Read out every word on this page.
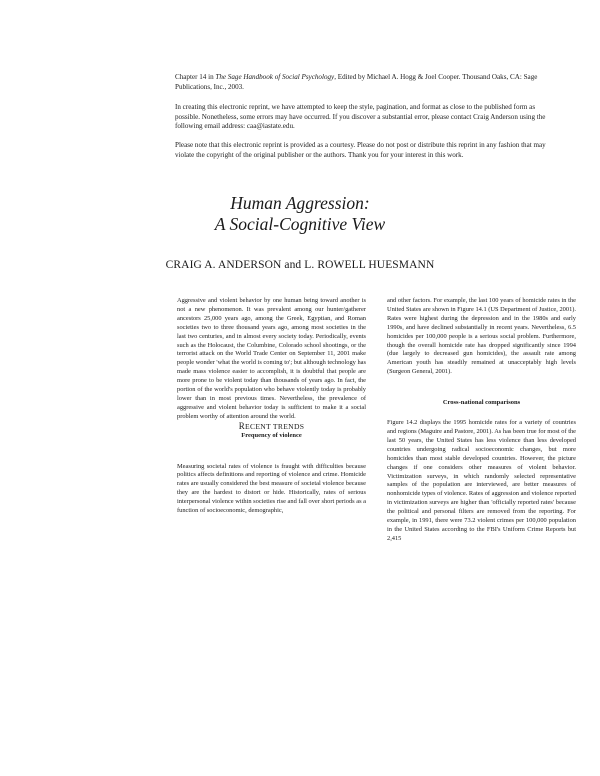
Chapter 14 in The Sage Handbook of Social Psychology, Edited by Michael A. Hogg & Joel Cooper. Thousand Oaks, CA: Sage Publications, Inc., 2003.

In creating this electronic reprint, we have attempted to keep the style, pagination, and format as close to the published form as possible. Nonetheless, some errors may have occurred. If you discover a substantial error, please contact Craig Anderson using the following email address: caa@iastate.edu.

Please note that this electronic reprint is provided as a courtesy. Please do not post or distribute this reprint in any fashion that may violate the copyright of the original publisher or the authors. Thank you for your interest in this work.

Human Aggression:
A Social-Cognitive View

CRAIG A. ANDERSON and L. ROWELL HUESMANN

Aggressive and violent behavior by one human being toward another is not a new phenomenon. It was prevalent among our hunter/gatherer ancestors 25,000 years ago, among the Greek, Egyptian, and Roman societies two to three thousand years ago, among most societies in the last two centuries, and in almost every society today. Periodically, events such as the Holocaust, the Columbine, Colorado school shootings, or the terrorist attack on the World Trade Center on September 11, 2001 make people wonder 'what the world is coming to'; but although technology has made mass violence easier to accomplish, it is doubtful that people are more prone to be violent today than thousands of years ago. In fact, the portion of the world's population who behave violently today is probably lower than in most previous times. Nevertheless, the prevalence of aggressive and violent behavior today is sufficient to make it a social problem worthy of attention around the world.

RECENT TRENDS

Frequency of violence

Measuring societal rates of violence is fraught with difficulties because politics affects definitions and reporting of violence and crime. Homicide rates are usually considered the best measure of societal violence because they are the hardest to distort or hide. Historically, rates of serious interpersonal violence within societies rise and fall over short periods as a function of socioeconomic, demographic,

and other factors. For example, the last 100 years of homicide rates in the United States are shown in Figure 14.1 (US Department of Justice, 2001). Rates were highest during the depression and in the 1980s and early 1990s, and have declined substantially in recent years. Nevertheless, 6.5 homicides per 100,000 people is a serious social problem. Furthermore, though the overall homicide rate has dropped significantly since 1994 (due largely to decreased gun homicides), the assault rate among American youth has steadily remained at unacceptably high levels (Surgeon General, 2001).

Cross-national comparisons

Figure 14.2 displays the 1995 homicide rates for a variety of countries and regions (Maguire and Pastore, 2001). As has been true for most of the last 50 years, the United States has less violence than less developed countries undergoing radical socioeconomic changes, but more homicides than most stable developed countries. However, the picture changes if one considers other measures of violent behavior. Victimization surveys, in which randomly selected representative samples of the population are interviewed, are better measures of nonhomicide types of violence. Rates of aggression and violence reported in victimization surveys are higher than 'officially reported rates' because the political and personal filters are removed from the reporting. For example, in 1991, there were 73.2 violent crimes per 100,000 population in the United States according to the FBI's Uniform Crime Reports but 2,415
